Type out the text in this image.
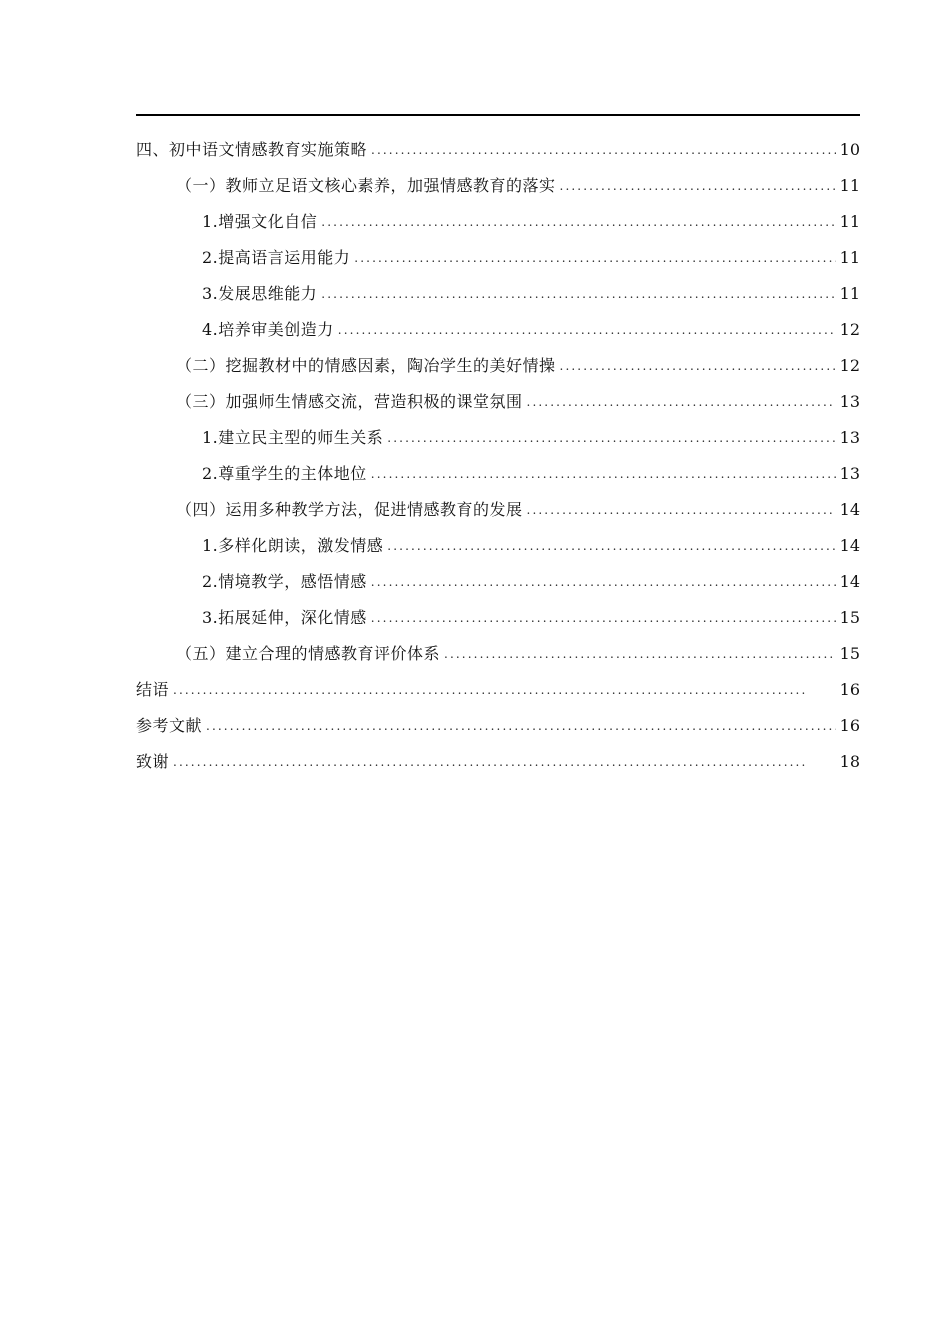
四、初中语文情感教育实施策略 . . .	10
（一）教师立足语文核心素养，加强情感教育的落实 . . .	11
1.增强文化自信 . . .	11
2.提高语言运用能力 . . .	11
3.发展思维能力 . . .	11
4.培养审美创造力 . . .	12
（二）挖掘教材中的情感因素，陶冶学生的美好情操 . . .	12
（三）加强师生情感交流，营造积极的课堂氛围 . . .	13
1.建立民主型的师生关系 . . .	13
2.尊重学生的主体地位 . . .	13
（四）运用多种教学方法，促进情感教育的发展 . . .	14
1.多样化朗读，激发情感 . . .	14
2.情境教学，感悟情感 . . .	14
3.拓展延伸，深化情感 . . .	15
（五）建立合理的情感教育评价体系 . . .	15
结语 . . .	16
参考文献 . . .	16
致谢 . . .	18
